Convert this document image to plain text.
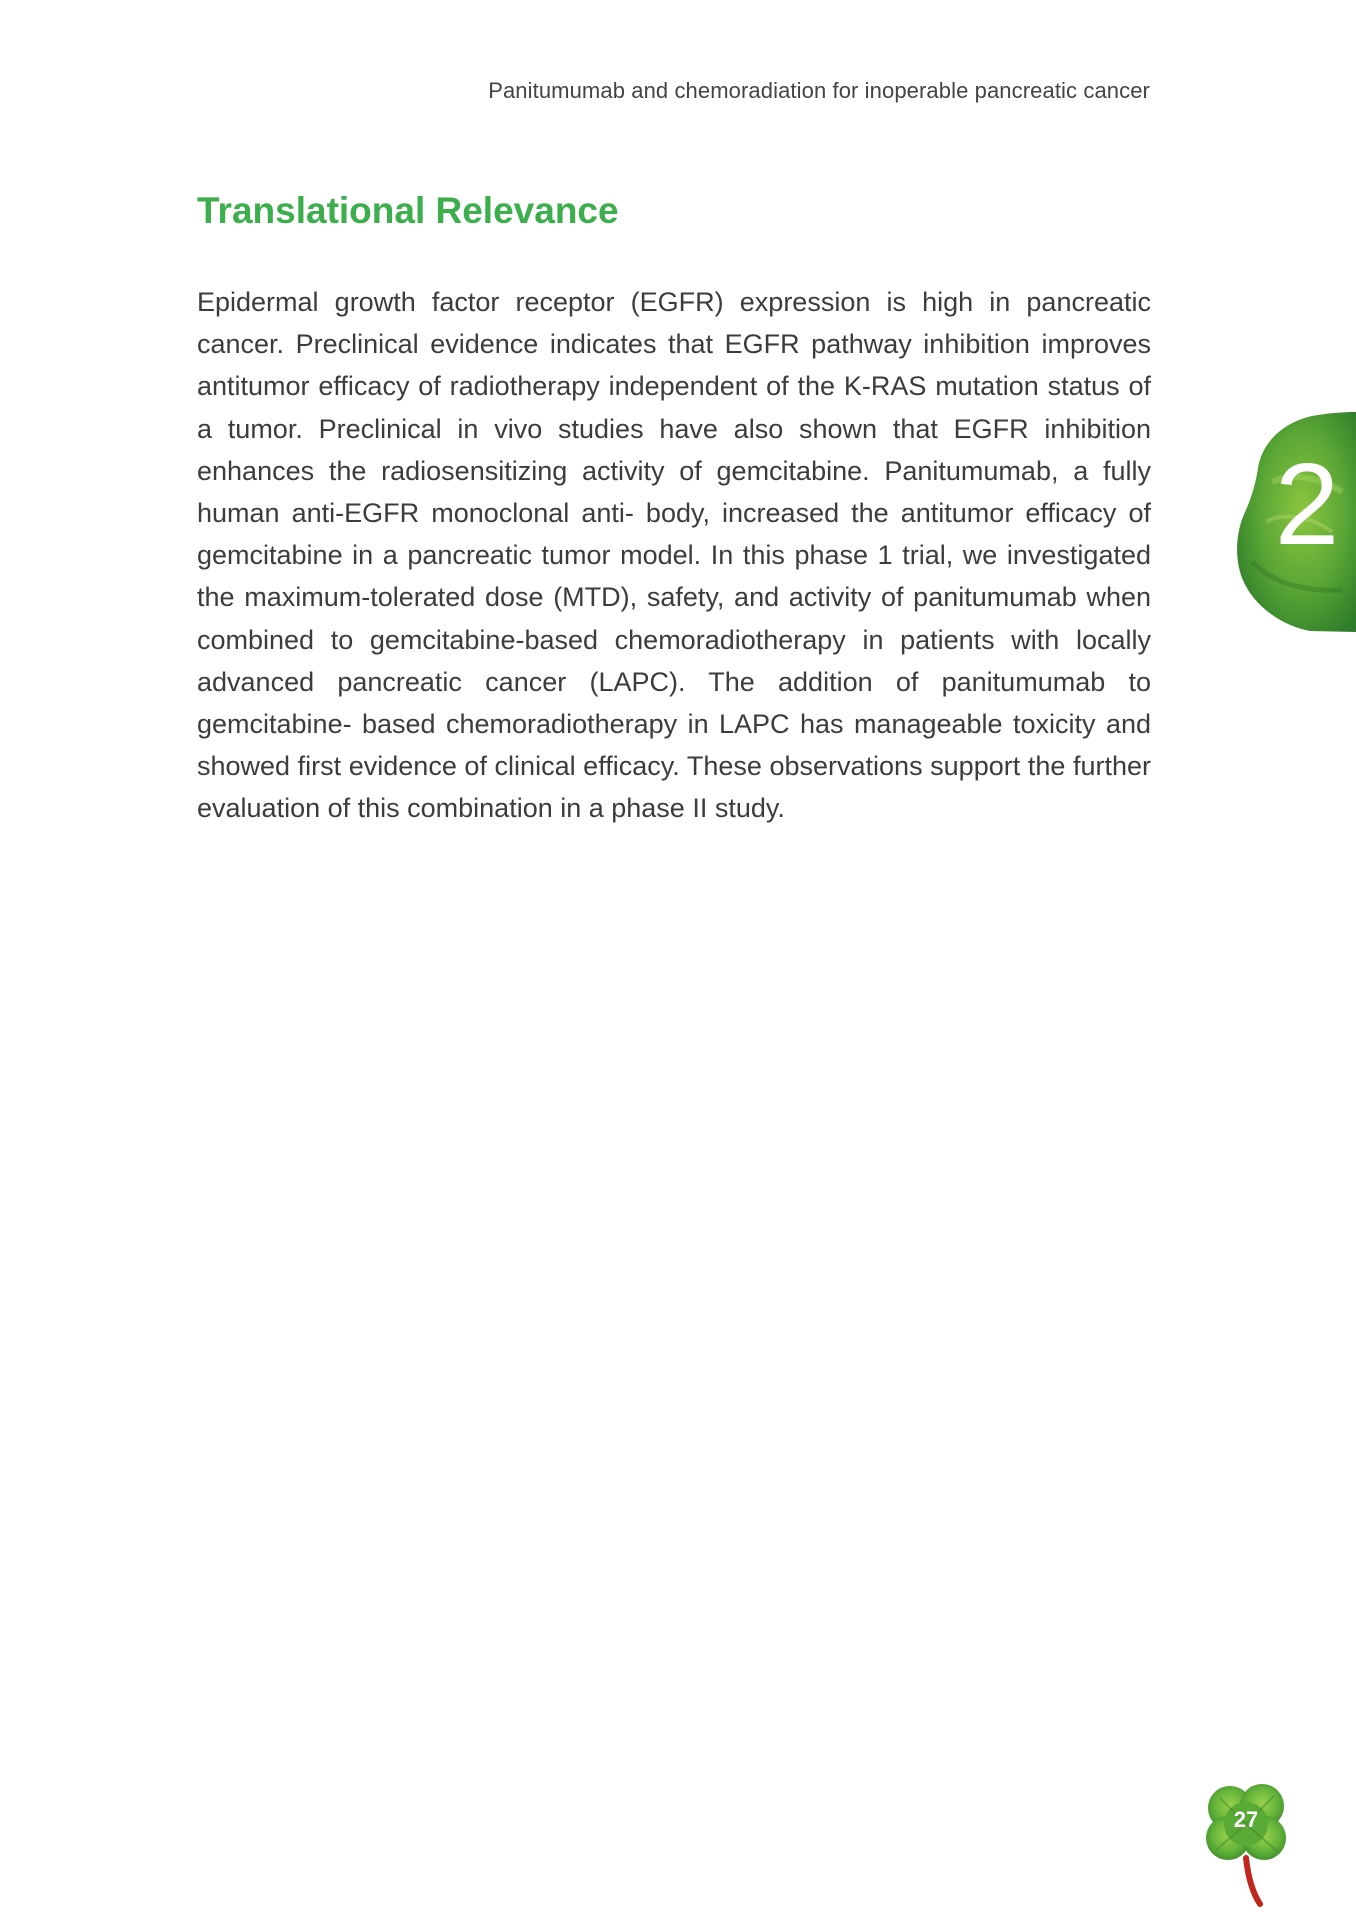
Panitumumab and chemoradiation for inoperable pancreatic cancer
Translational Relevance

Epidermal growth factor receptor (EGFR) expression is high in pancreatic cancer. Preclinical evidence indicates that EGFR pathway inhibition improves antitumor efficacy of radiotherapy independent of the K-RAS mutation status of a tumor. Preclinical in vivo studies have also shown that EGFR inhibition enhances the radiosensitizing activity of gemcitabine. Panitumumab, a fully human anti-EGFR monoclonal anti- body, increased the antitumor efficacy of gemcitabine in a pancreatic tumor model. In this phase 1 trial, we investigated the maximum-tolerated dose (MTD), safety, and activity of panitumumab when combined to gemcitabine-based chemoradiotherapy in patients with locally advanced pancreatic cancer (LAPC). The addition of panitumumab to gemcitabine- based chemoradiotherapy in LAPC has manageable toxicity and showed first evidence of clinical efficacy. These observations support the further evaluation of this combination in a phase II study.

2
27
